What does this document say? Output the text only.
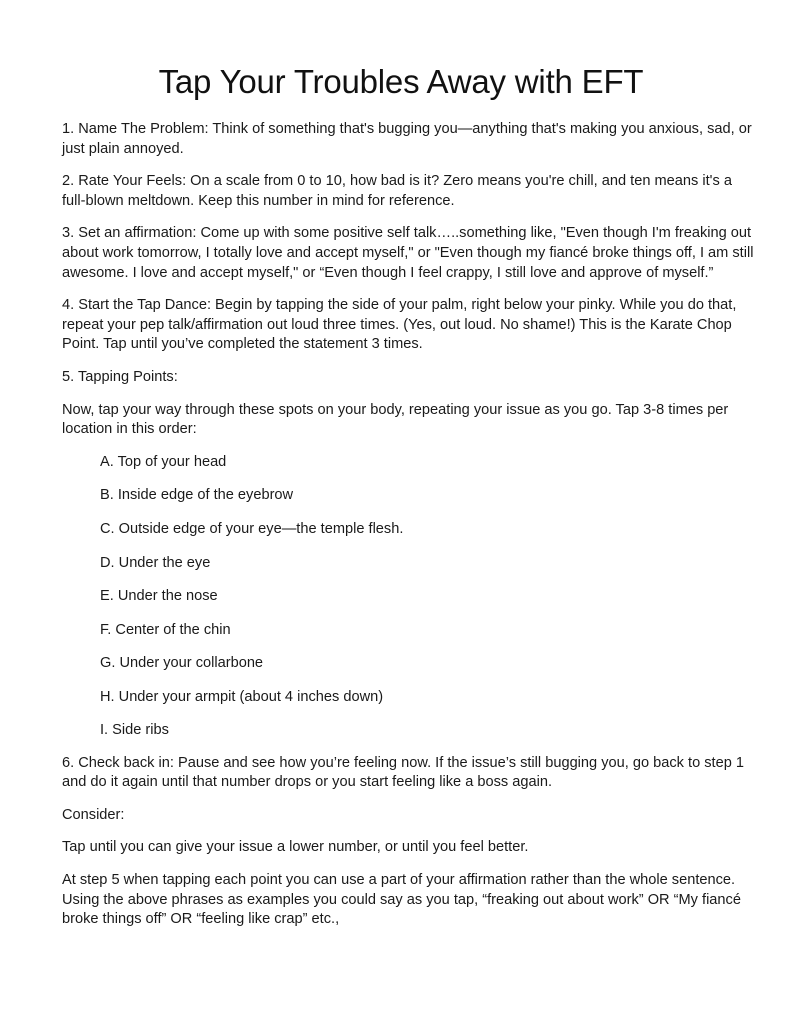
Tap Your Troubles Away with EFT

1. Name The Problem: Think of something that's bugging you—anything that's making you anxious, sad, or just plain annoyed.

2. Rate Your Feels: On a scale from 0 to 10, how bad is it? Zero means you're chill, and ten means it's a full-blown meltdown. Keep this number in mind for reference.

3. Set an affirmation: Come up with some positive self talk…..something like, "Even though I'm freaking out about work tomorrow, I totally love and accept myself," or "Even though my fiancé broke things off, I am still awesome. I love and accept myself," or “Even though I feel crappy, I still love and approve of myself.”

4. Start the Tap Dance: Begin by tapping the side of your palm, right below your pinky. While you do that, repeat your pep talk/affirmation out loud three times. (Yes, out loud. No shame!) This is the Karate Chop Point. Tap until you’ve completed the statement 3 times.

5. Tapping Points:

Now, tap your way through these spots on your body, repeating your issue as you go. Tap 3-8 times per location in this order:

A. Top of your head
B. Inside edge of the eyebrow
C. Outside edge of your eye—the temple flesh.
D. Under the eye
E. Under the nose
F. Center of the chin
G. Under your collarbone
H. Under your armpit (about 4 inches down)
I. Side ribs

6. Check back in: Pause and see how you’re feeling now. If the issue’s still bugging you, go back to step 1 and do it again until that number drops or you start feeling like a boss again.

Consider:

Tap until you can give your issue a lower number, or until you feel better.

At step 5 when tapping each point you can use a part of your affirmation rather than the whole sentence. Using the above phrases as examples you could say as you tap, “freaking out about work” OR “My fiancé broke things off” OR “feeling like crap” etc.,
